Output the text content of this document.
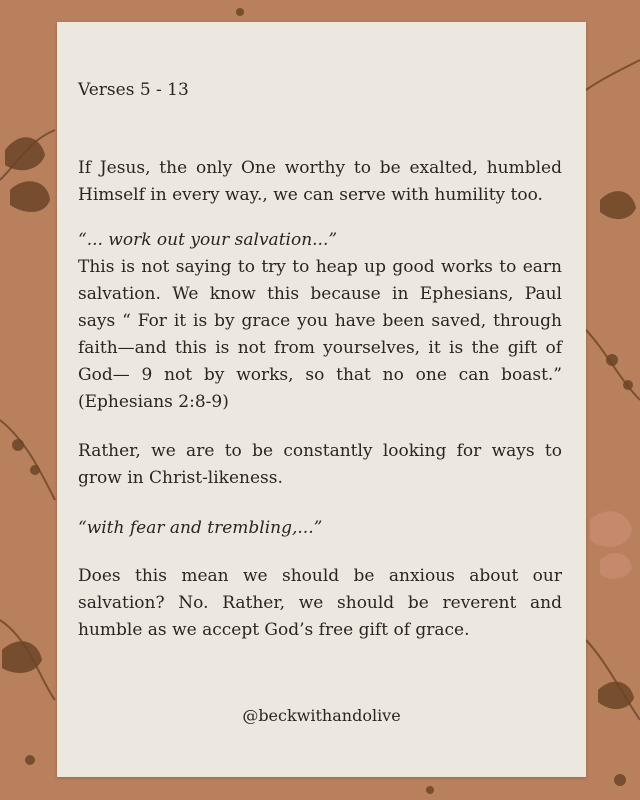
Verses 5 - 13

If Jesus, the only One worthy to be exalted, humbled Himself in every way., we can serve with humility too.

“... work out your salvation...”

This is not saying to try to heap up good works to earn salvation. We know this because in Ephesians, Paul says “ For it is by grace you have been saved, through faith—and this is not from yourselves, it is the gift of God— 9 not by works, so that no one can boast.” (Ephesians 2:8-9)

Rather, we are to be constantly looking for ways to grow in Christ-likeness.

“with fear and trembling,...”

Does this mean we should be anxious about our salvation? No. Rather, we should be reverent and humble as we accept God’s free gift of grace.

@beckwithandolive
